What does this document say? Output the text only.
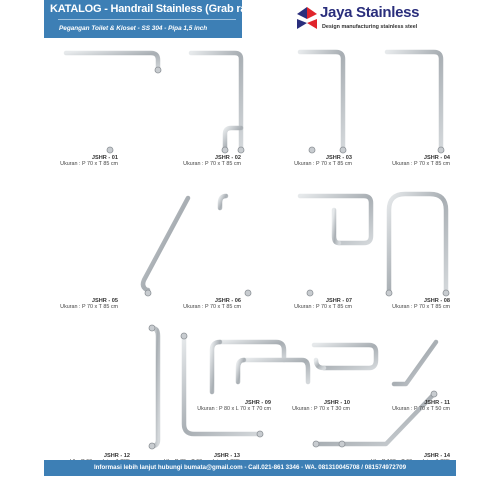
KATALOG - Handrail Stainless (Grab rail)
Pegangan Toilet & Kloset - SS 304 - Pipa 1,5 inch
Jaya Stainless
Design manufacturing stainless steel
JSHR - 01
Ukuran : P 70 x T 85 cm
JSHR - 02
Ukuran : P 70 x T 85 cm
JSHR - 03
Ukuran : P 70 x T 85 cm
JSHR - 04
Ukuran : P 70 x T 85 cm
JSHR - 05
Ukuran : P 70 x T 85 cm
JSHR - 06
Ukuran : P 70 x T 85 cm
JSHR - 07
Ukuran : P 70 x T 85 cm
JSHR - 08
Ukuran : P 70 x T 85 cm
JSHR - 09
Ukuran : P 80 x L 70 x T 70 cm
JSHR - 10
Ukuran : P 70 x T 30 cm
JSHR - 11
Ukuran : P 70 x T 50 cm
JSHR - 12	JSHR - 13	JSHR - 14
Informasi lebih lanjut hubungi bumata@gmail.com - Call.021-861 3346 - WA. 081310045708 / 081574972709
